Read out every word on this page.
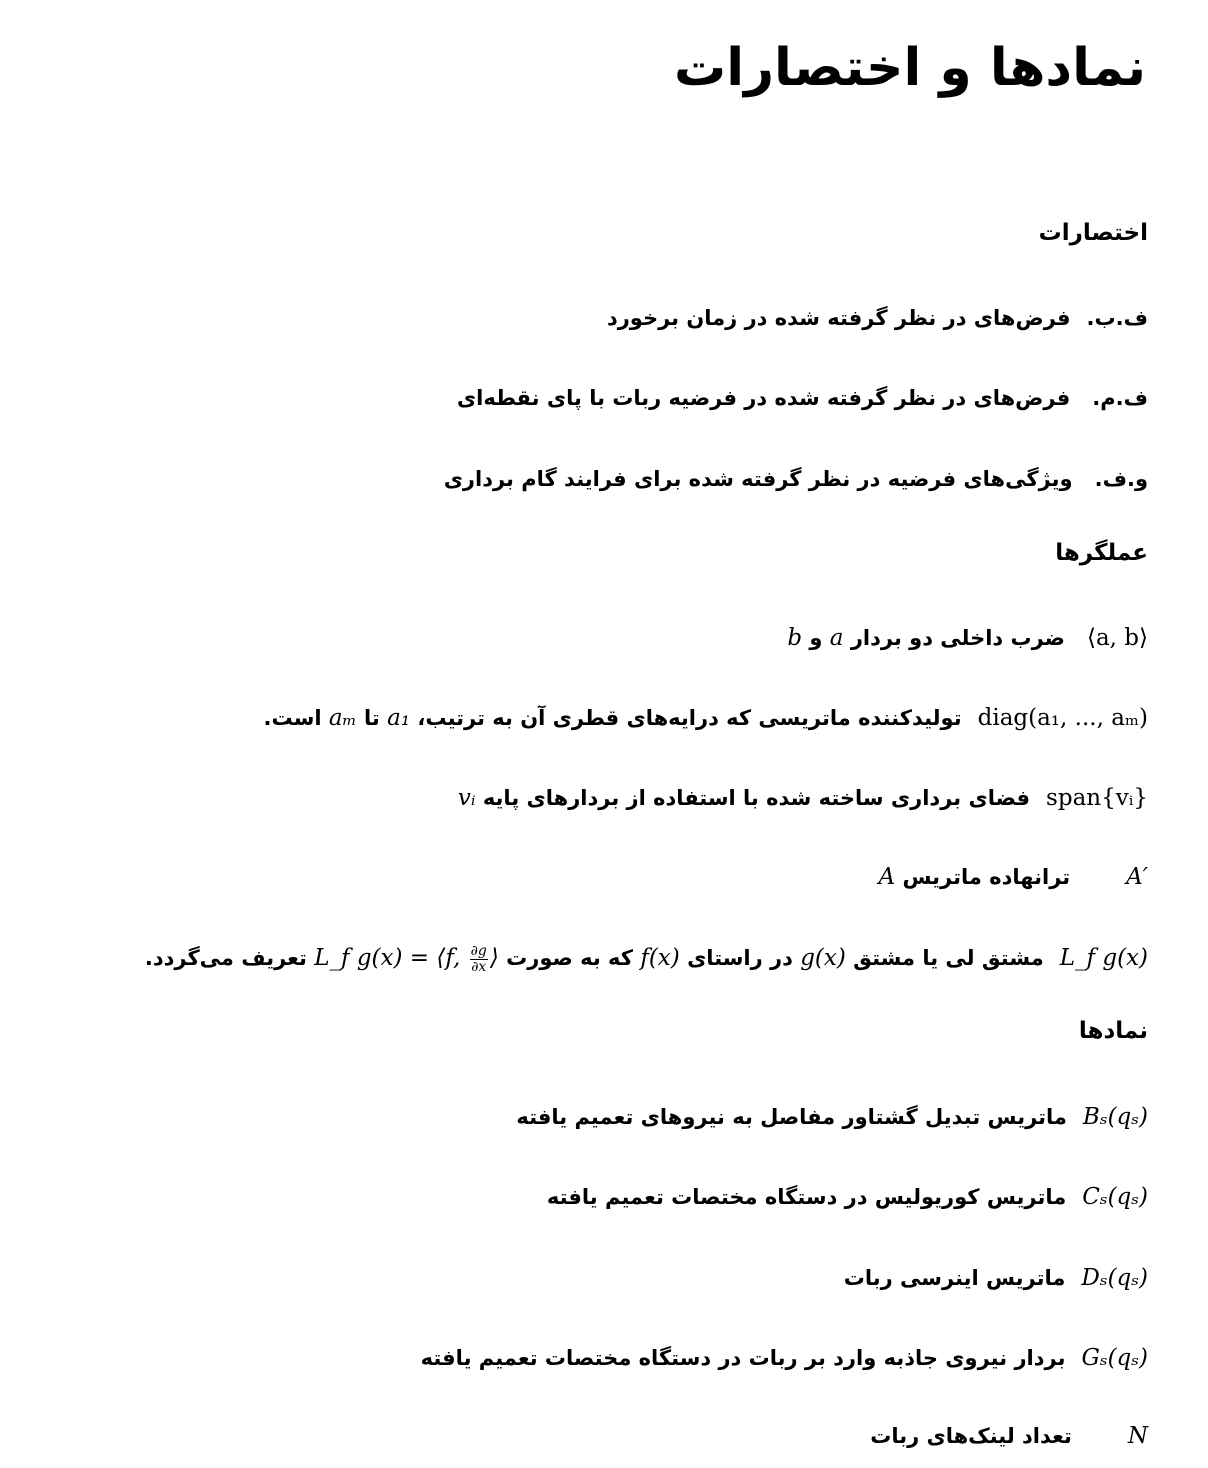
نمادها و اختصارات
اختصارات
ف.ب.فرض‌های در نظر گرفته شده در زمان برخورد
ف.م.فرض‌های در نظر گرفته شده در فرضیه ربات با پای نقطه‌ای
و.ف.ویژگی‌های فرضیه در نظر گرفته شده برای فرایند گام برداری
عملگرها
⟨a, b⟩ضرب داخلی دو بردار a و b
diag(a₁, ..., aₘ)تولیدکننده ماتریسی که درایه‌های قطری آن به ترتیب، a₁ تا aₘ است.
span{vᵢ}فضای برداری ساخته شده با استفاده از بردارهای پایه vᵢ
A′ترانهاده ماتریس A
L_f g(x)مشتق لی یا مشتق g(x) در راستای f(x) که به صورت L_f g(x) = ⟨f, $\frac{\partial g}{\partial x}$ ⟩ تعریف می‌گردد.
نمادها
Bₛ(qₛ)ماتریس تبدیل گشتاور مفاصل به نیروهای تعمیم یافته
Cₛ(qₛ)ماتریس کوریولیس در دستگاه مختصات تعمیم یافته
Dₛ(qₛ)ماتریس اینرسی ربات
Gₛ(qₛ)بردار نیروی جاذبه وارد بر ربات در دستگاه مختصات تعمیم یافته
Nتعداد لینک‌های ربات
